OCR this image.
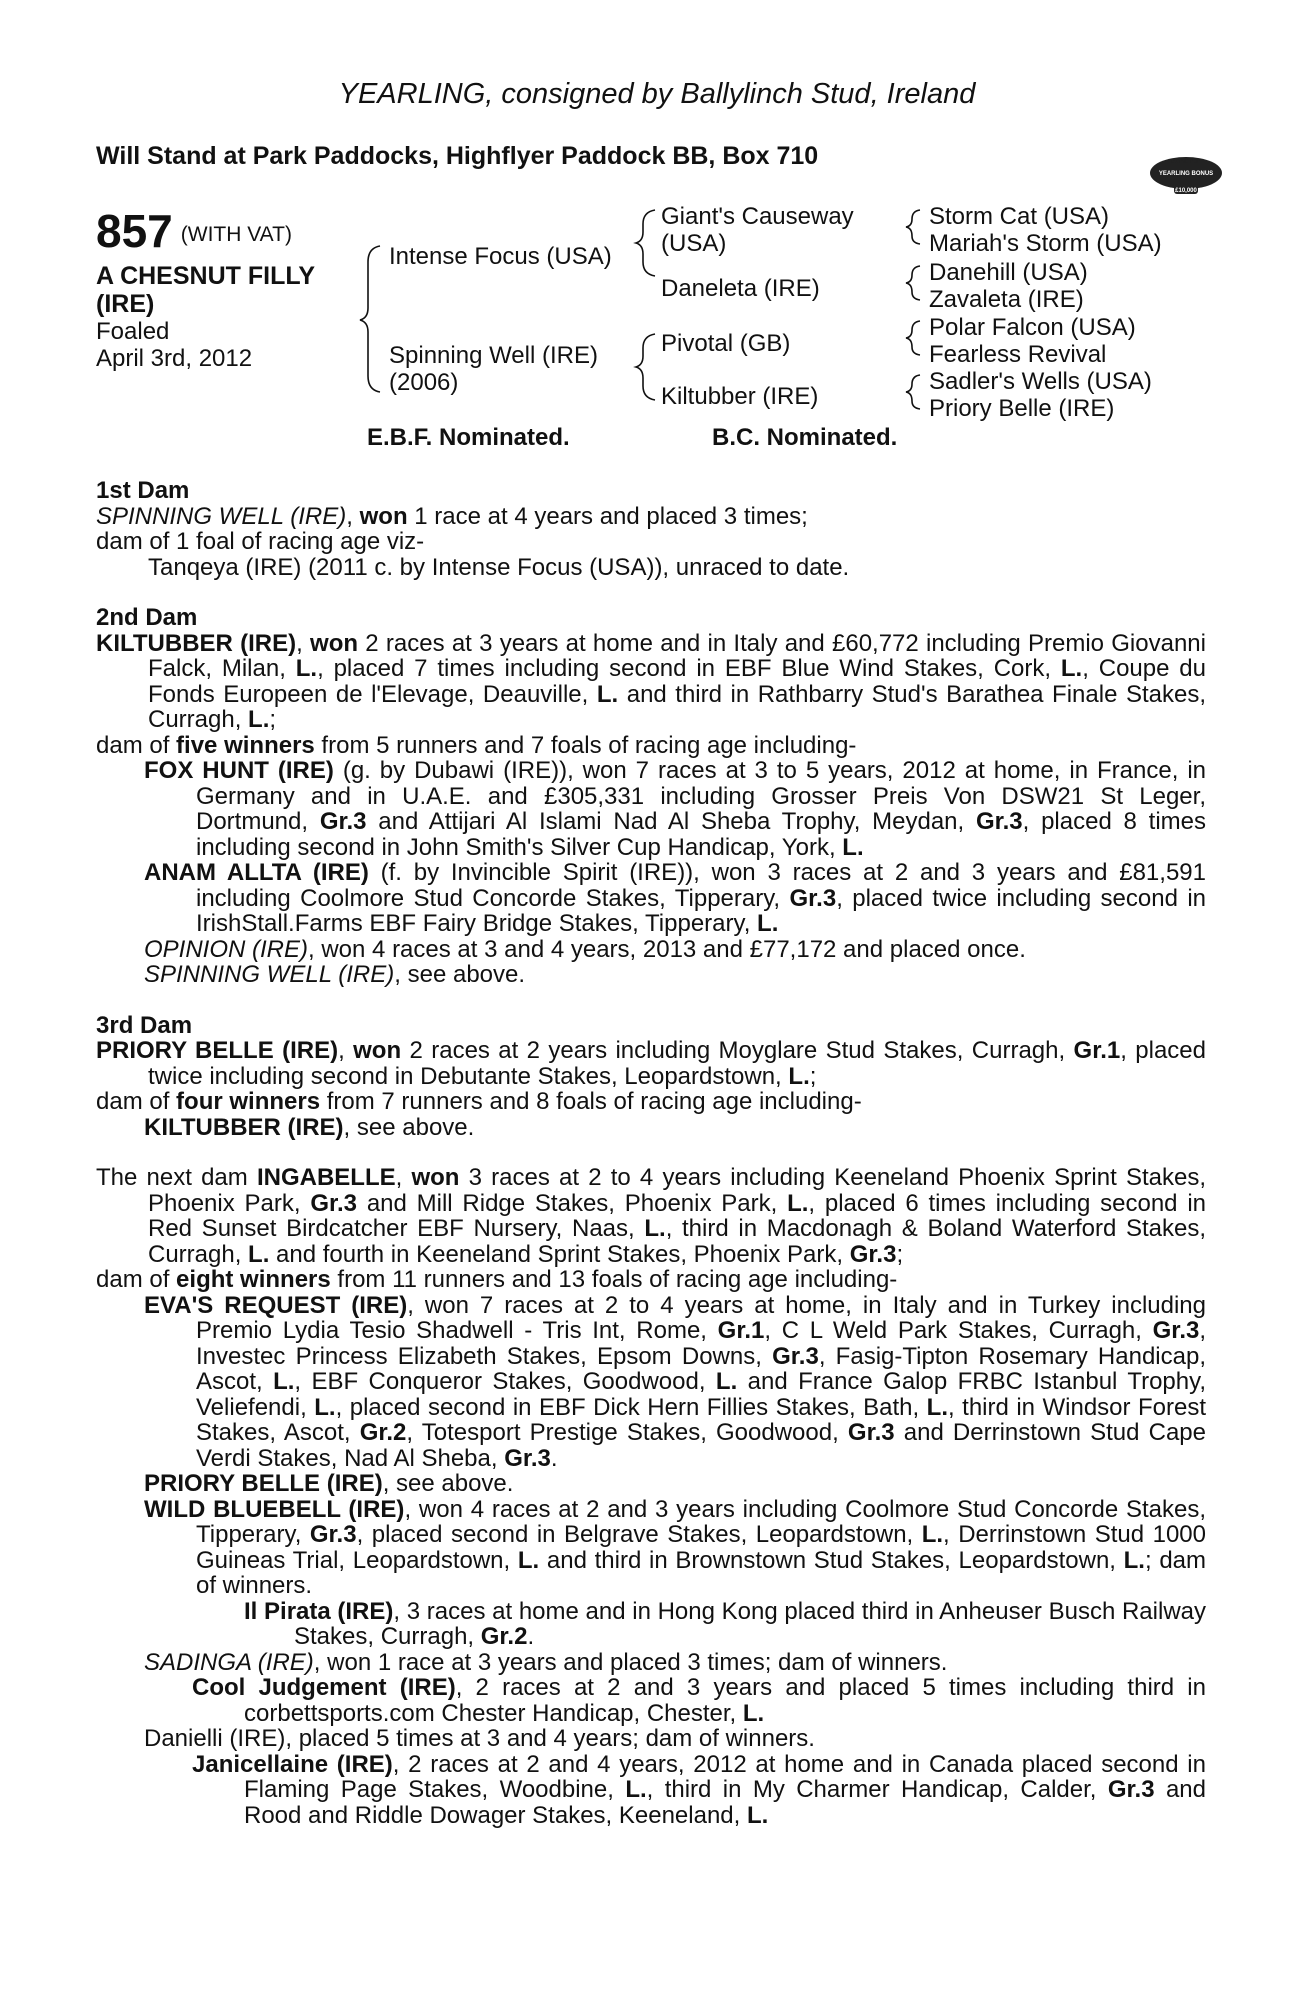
YEARLING, consigned by Ballylinch Stud, Ireland
Will Stand at Park Paddocks, Highflyer Paddock BB, Box 710	RACING POST
YEARLING BONUS
£10,000
857 (WITH VAT)
A CHESNUT FILLY
(IRE)
Foaled
April 3rd, 2012
Intense Focus (USA)
Spinning Well (IRE)
(2006)
Giant's Causeway
(USA)
Daneleta (IRE)
Pivotal (GB)
Kiltubber (IRE)
Storm Cat (USA)
Mariah's Storm (USA)
Danehill (USA)
Zavaleta (IRE)
Polar Falcon (USA)
Fearless Revival
Sadler's Wells (USA)
Priory Belle (IRE)
E.B.F. Nominated.	B.C. Nominated.

1st Dam

SPINNING WELL (IRE), won 1 race at 4 years and placed 3 times;

dam of 1 foal of racing age viz-

Tanqeya (IRE) (2011 c. by Intense Focus (USA)), unraced to date.

2nd Dam

KILTUBBER (IRE), won 2 races at 3 years at home and in Italy and £60,772 including Premio Giovanni Falck, Milan, L., placed 7 times including second in EBF Blue Wind Stakes, Cork, L., Coupe du Fonds Europeen de l'Elevage, Deauville, L. and third in Rathbarry Stud's Barathea Finale Stakes, Curragh, L.;

dam of five winners from 5 runners and 7 foals of racing age including-

FOX HUNT (IRE) (g. by Dubawi (IRE)), won 7 races at 3 to 5 years, 2012 at home, in France, in Germany and in U.A.E. and £305,331 including Grosser Preis Von DSW21 St Leger, Dortmund, Gr.3 and Attijari Al Islami Nad Al Sheba Trophy, Meydan, Gr.3, placed 8 times including second in John Smith's Silver Cup Handicap, York, L.

ANAM ALLTA (IRE) (f. by Invincible Spirit (IRE)), won 3 races at 2 and 3 years and £81,591 including Coolmore Stud Concorde Stakes, Tipperary, Gr.3, placed twice including second in IrishStall.Farms EBF Fairy Bridge Stakes, Tipperary, L.

OPINION (IRE), won 4 races at 3 and 4 years, 2013 and £77,172 and placed once.

SPINNING WELL (IRE), see above.

3rd Dam

PRIORY BELLE (IRE), won 2 races at 2 years including Moyglare Stud Stakes, Curragh, Gr.1, placed twice including second in Debutante Stakes, Leopardstown, L.;

dam of four winners from 7 runners and 8 foals of racing age including-

KILTUBBER (IRE), see above.

The next dam INGABELLE, won 3 races at 2 to 4 years including Keeneland Phoenix Sprint Stakes, Phoenix Park, Gr.3 and Mill Ridge Stakes, Phoenix Park, L., placed 6 times including second in Red Sunset Birdcatcher EBF Nursery, Naas, L., third in Macdonagh & Boland Waterford Stakes, Curragh, L. and fourth in Keeneland Sprint Stakes, Phoenix Park, Gr.3;

dam of eight winners from 11 runners and 13 foals of racing age including-

EVA'S REQUEST (IRE), won 7 races at 2 to 4 years at home, in Italy and in Turkey including Premio Lydia Tesio Shadwell - Tris Int, Rome, Gr.1, C L Weld Park Stakes, Curragh, Gr.3, Investec Princess Elizabeth Stakes, Epsom Downs, Gr.3, Fasig-Tipton Rosemary Handicap, Ascot, L., EBF Conqueror Stakes, Goodwood, L. and France Galop FRBC Istanbul Trophy, Veliefendi, L., placed second in EBF Dick Hern Fillies Stakes, Bath, L., third in Windsor Forest Stakes, Ascot, Gr.2, Totesport Prestige Stakes, Goodwood, Gr.3 and Derrinstown Stud Cape Verdi Stakes, Nad Al Sheba, Gr.3.

PRIORY BELLE (IRE), see above.

WILD BLUEBELL (IRE), won 4 races at 2 and 3 years including Coolmore Stud Concorde Stakes, Tipperary, Gr.3, placed second in Belgrave Stakes, Leopardstown, L., Derrinstown Stud 1000 Guineas Trial, Leopardstown, L. and third in Brownstown Stud Stakes, Leopardstown, L.; dam of winners.

Il Pirata (IRE), 3 races at home and in Hong Kong placed third in Anheuser Busch Railway Stakes, Curragh, Gr.2.

SADINGA (IRE), won 1 race at 3 years and placed 3 times; dam of winners.

Cool Judgement (IRE), 2 races at 2 and 3 years and placed 5 times including third in corbettsports.com Chester Handicap, Chester, L.

Danielli (IRE), placed 5 times at 3 and 4 years; dam of winners.

Janicellaine (IRE), 2 races at 2 and 4 years, 2012 at home and in Canada placed second in Flaming Page Stakes, Woodbine, L., third in My Charmer Handicap, Calder, Gr.3 and Rood and Riddle Dowager Stakes, Keeneland, L.
